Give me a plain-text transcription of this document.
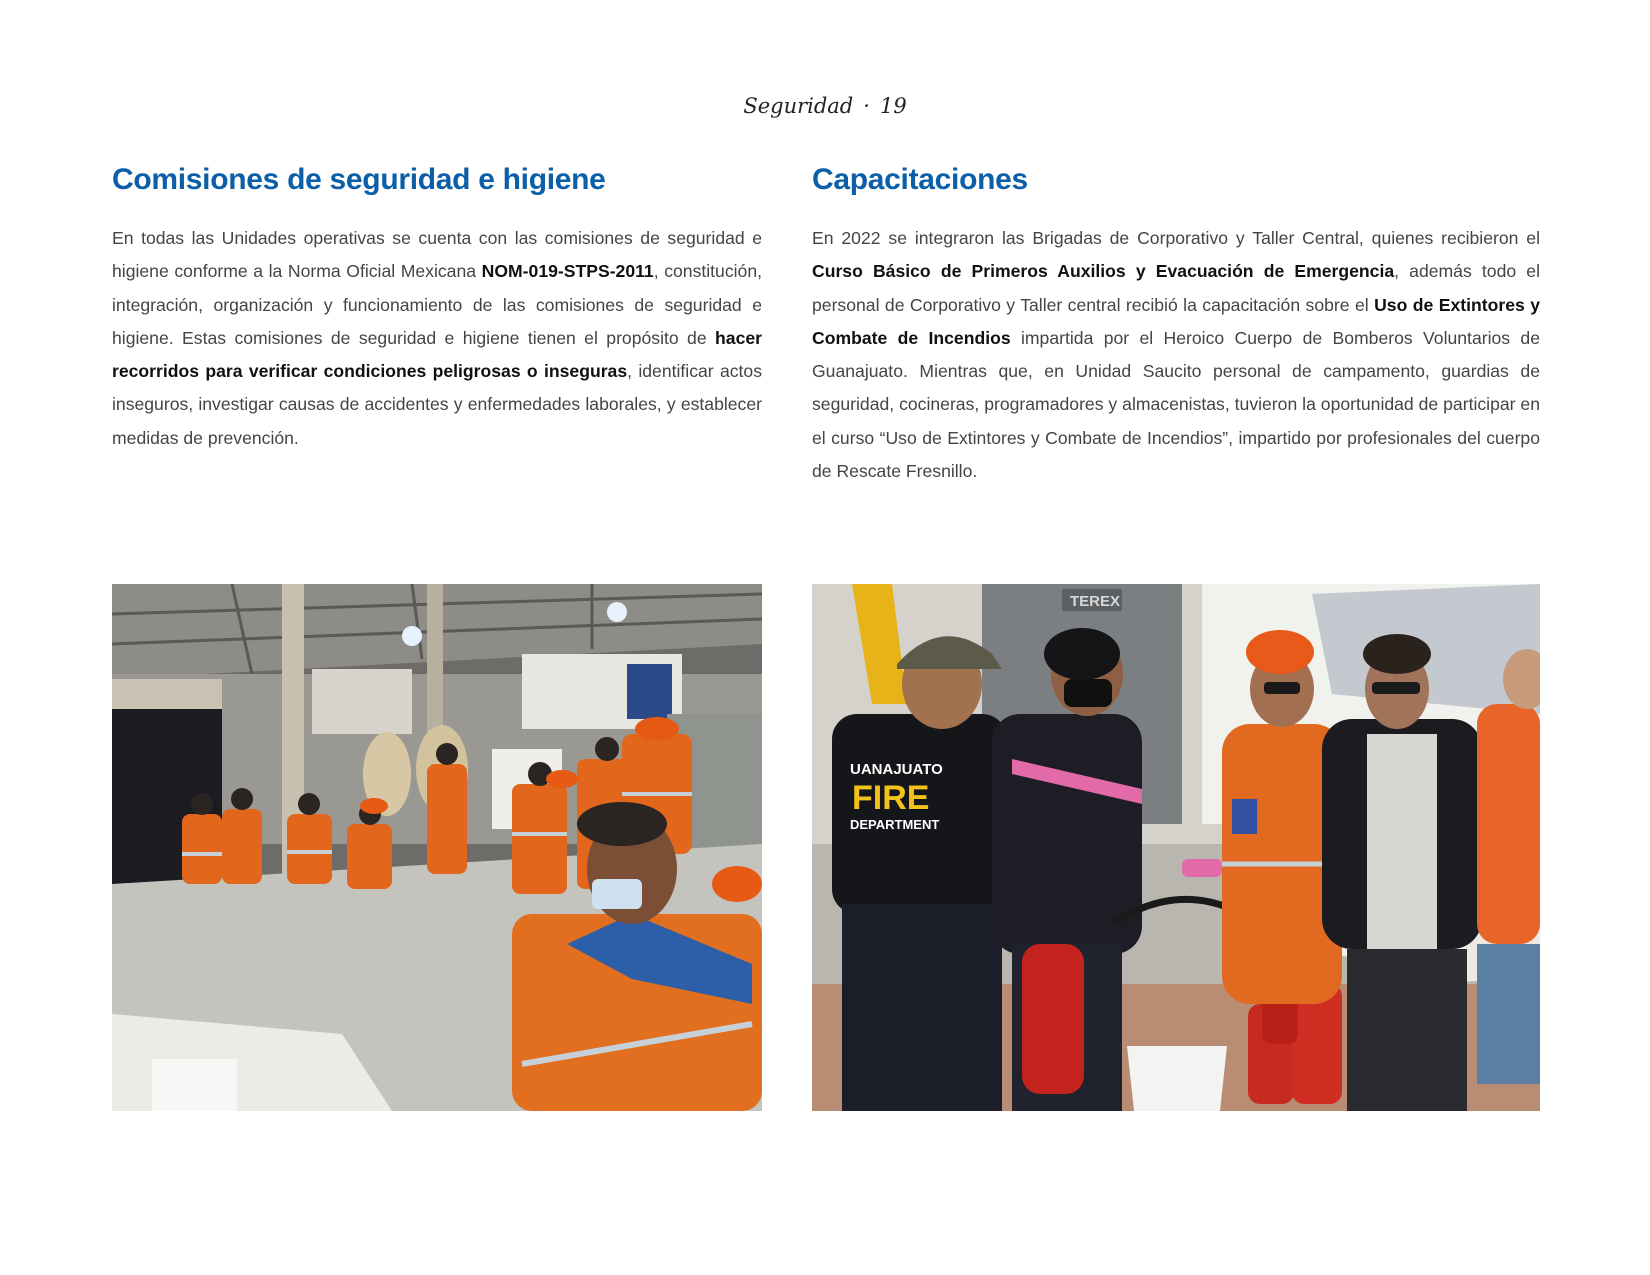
Seguridad · 19
Comisiones de seguridad e higiene

En todas las Unidades operativas se cuenta con las comisiones de seguridad e higiene conforme a la Norma Oficial Mexicana NOM-019-STPS-2011, constitución, integración, organización y funcionamiento de las comisiones de seguridad e higiene. Estas comisiones de seguridad e higiene tienen el propósito de hacer recorridos para verificar condiciones peligrosas o inseguras, identificar actos inseguros, investigar causas de accidentes y enfermedades laborales, y establecer medidas de prevención.

Capacitaciones

En 2022 se integraron las Brigadas de Corporativo y Taller Central, quienes recibieron el Curso Básico de Primeros Auxilios y Evacuación de Emergencia, además todo el personal de Corporativo y Taller central recibió la capacitación sobre el Uso de Extintores y Combate de Incendios impartida por el Heroico Cuerpo de Bomberos Voluntarios de Guanajuato. Mientras que, en Unidad Saucito personal de campamento, guardias de seguridad, cocineras, programadores y almacenistas, tuvieron la oportunidad de participar en el curso “Uso de Extintores y Combate de Incendios”, impartido por profesionales del cuerpo de Rescate Fresnillo.

TEREX
UANAJUATO
FIRE
DEPARTMENT
